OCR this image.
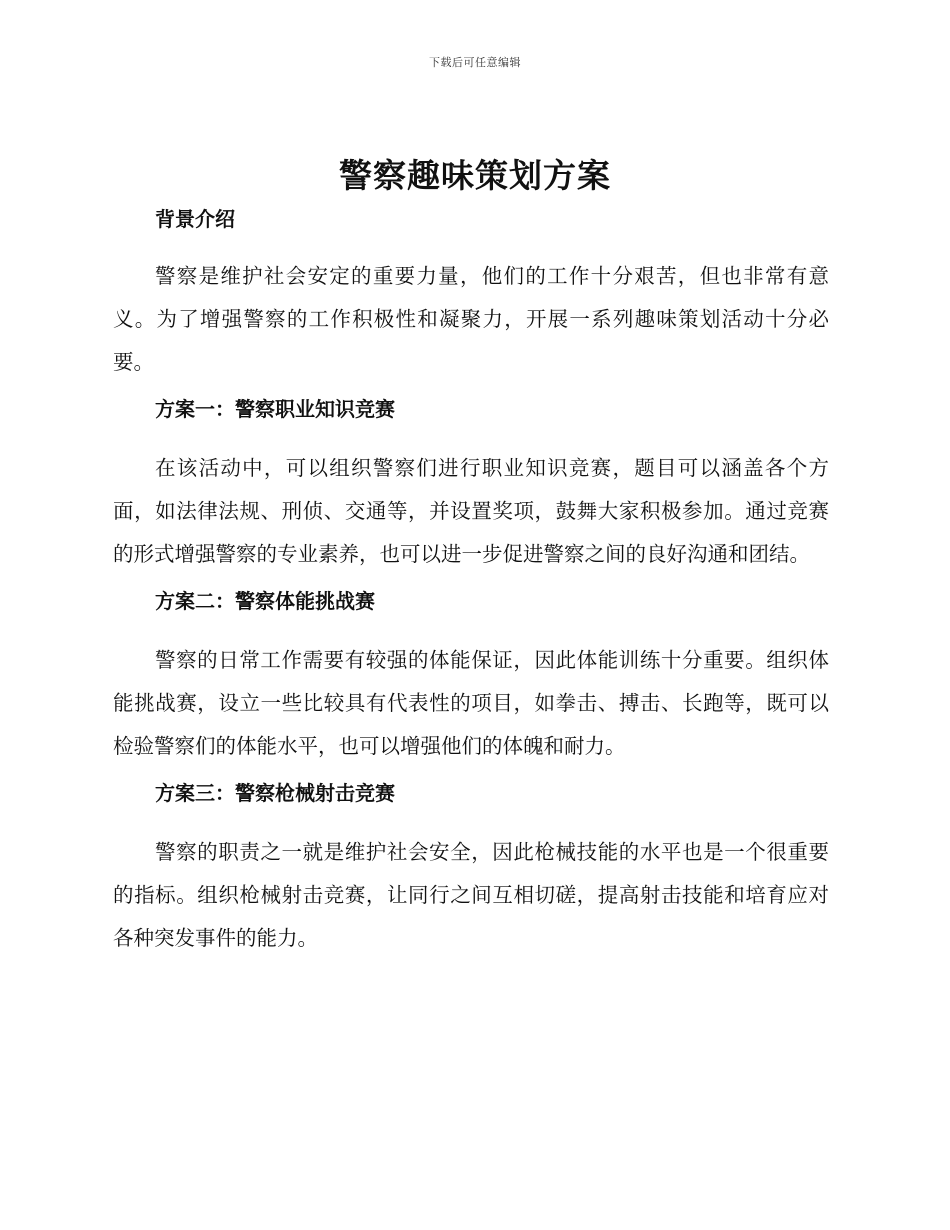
下载后可任意编辑
警察趣味策划方案
背景介绍

警察是维护社会安定的重要力量，他们的工作十分艰苦，但也非常有意义。为了增强警察的工作积极性和凝聚力，开展一系列趣味策划活动十分必要。

方案一：警察职业知识竞赛

在该活动中，可以组织警察们进行职业知识竞赛，题目可以涵盖各个方面，如法律法规、刑侦、交通等，并设置奖项，鼓舞大家积极参加。通过竞赛的形式增强警察的专业素养，也可以进一步促进警察之间的良好沟通和团结。

方案二：警察体能挑战赛

警察的日常工作需要有较强的体能保证，因此体能训练十分重要。组织体能挑战赛，设立一些比较具有代表性的项目，如拳击、搏击、长跑等，既可以检验警察们的体能水平，也可以增强他们的体魄和耐力。

方案三：警察枪械射击竞赛

警察的职责之一就是维护社会安全，因此枪械技能的水平也是一个很重要的指标。组织枪械射击竞赛，让同行之间互相切磋，提高射击技能和培育应对各种突发事件的能力。
